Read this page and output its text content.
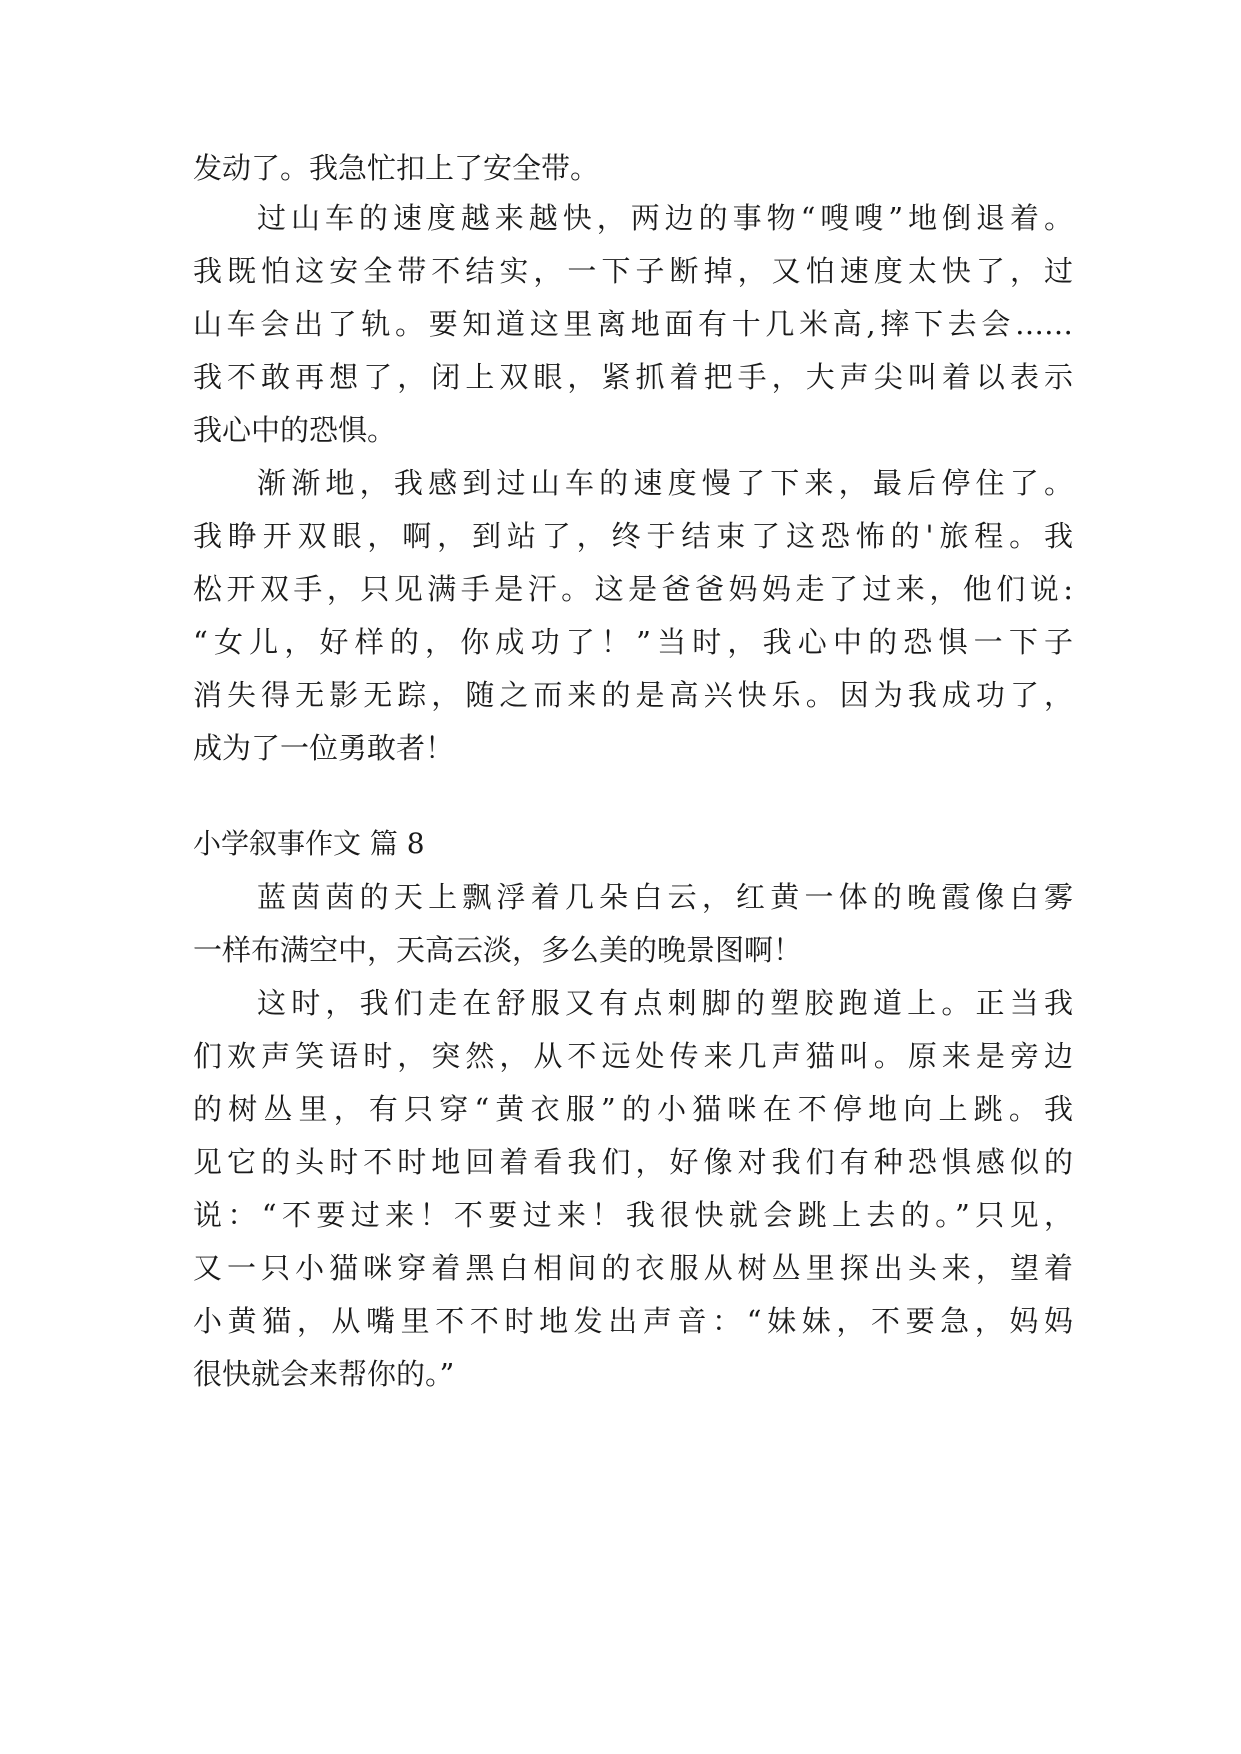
发动了。我急忙扣上了安全带。
过山车的速度越来越快，两边的事物“嗖嗖”地倒退着。
我既怕这安全带不结实，一下子断掉，又怕速度太快了，过
山车会出了轨。要知道这里离地面有十几米高,摔下去会……
我不敢再想了，闭上双眼，紧抓着把手，大声尖叫着以表示
我心中的恐惧。
渐渐地，我感到过山车的速度慢了下来，最后停住了。
我睁开双眼，啊，到站了，终于结束了这恐怖的'旅程。我
松开双手，只见满手是汗。这是爸爸妈妈走了过来，他们说:
“女儿，好样的，你成功了！”当时，我心中的恐惧一下子
消失得无影无踪，随之而来的是高兴快乐。因为我成功了，
成为了一位勇敢者！
小学叙事作文 篇 8
蓝茵茵的天上飘浮着几朵白云，红黄一体的晚霞像白雾
一样布满空中，天高云淡，多么美的晚景图啊！
这时，我们走在舒服又有点刺脚的塑胶跑道上。正当我
们欢声笑语时，突然，从不远处传来几声猫叫。原来是旁边
的树丛里，有只穿“黄衣服”的小猫咪在不停地向上跳。我
见它的头时不时地回着看我们，好像对我们有种恐惧感似的
说：“不要过来！不要过来！我很快就会跳上去的。”只见，
又一只小猫咪穿着黑白相间的衣服从树丛里探出头来，望着
小黄猫，从嘴里不不时地发出声音：“妹妹，不要急，妈妈
很快就会来帮你的。”
